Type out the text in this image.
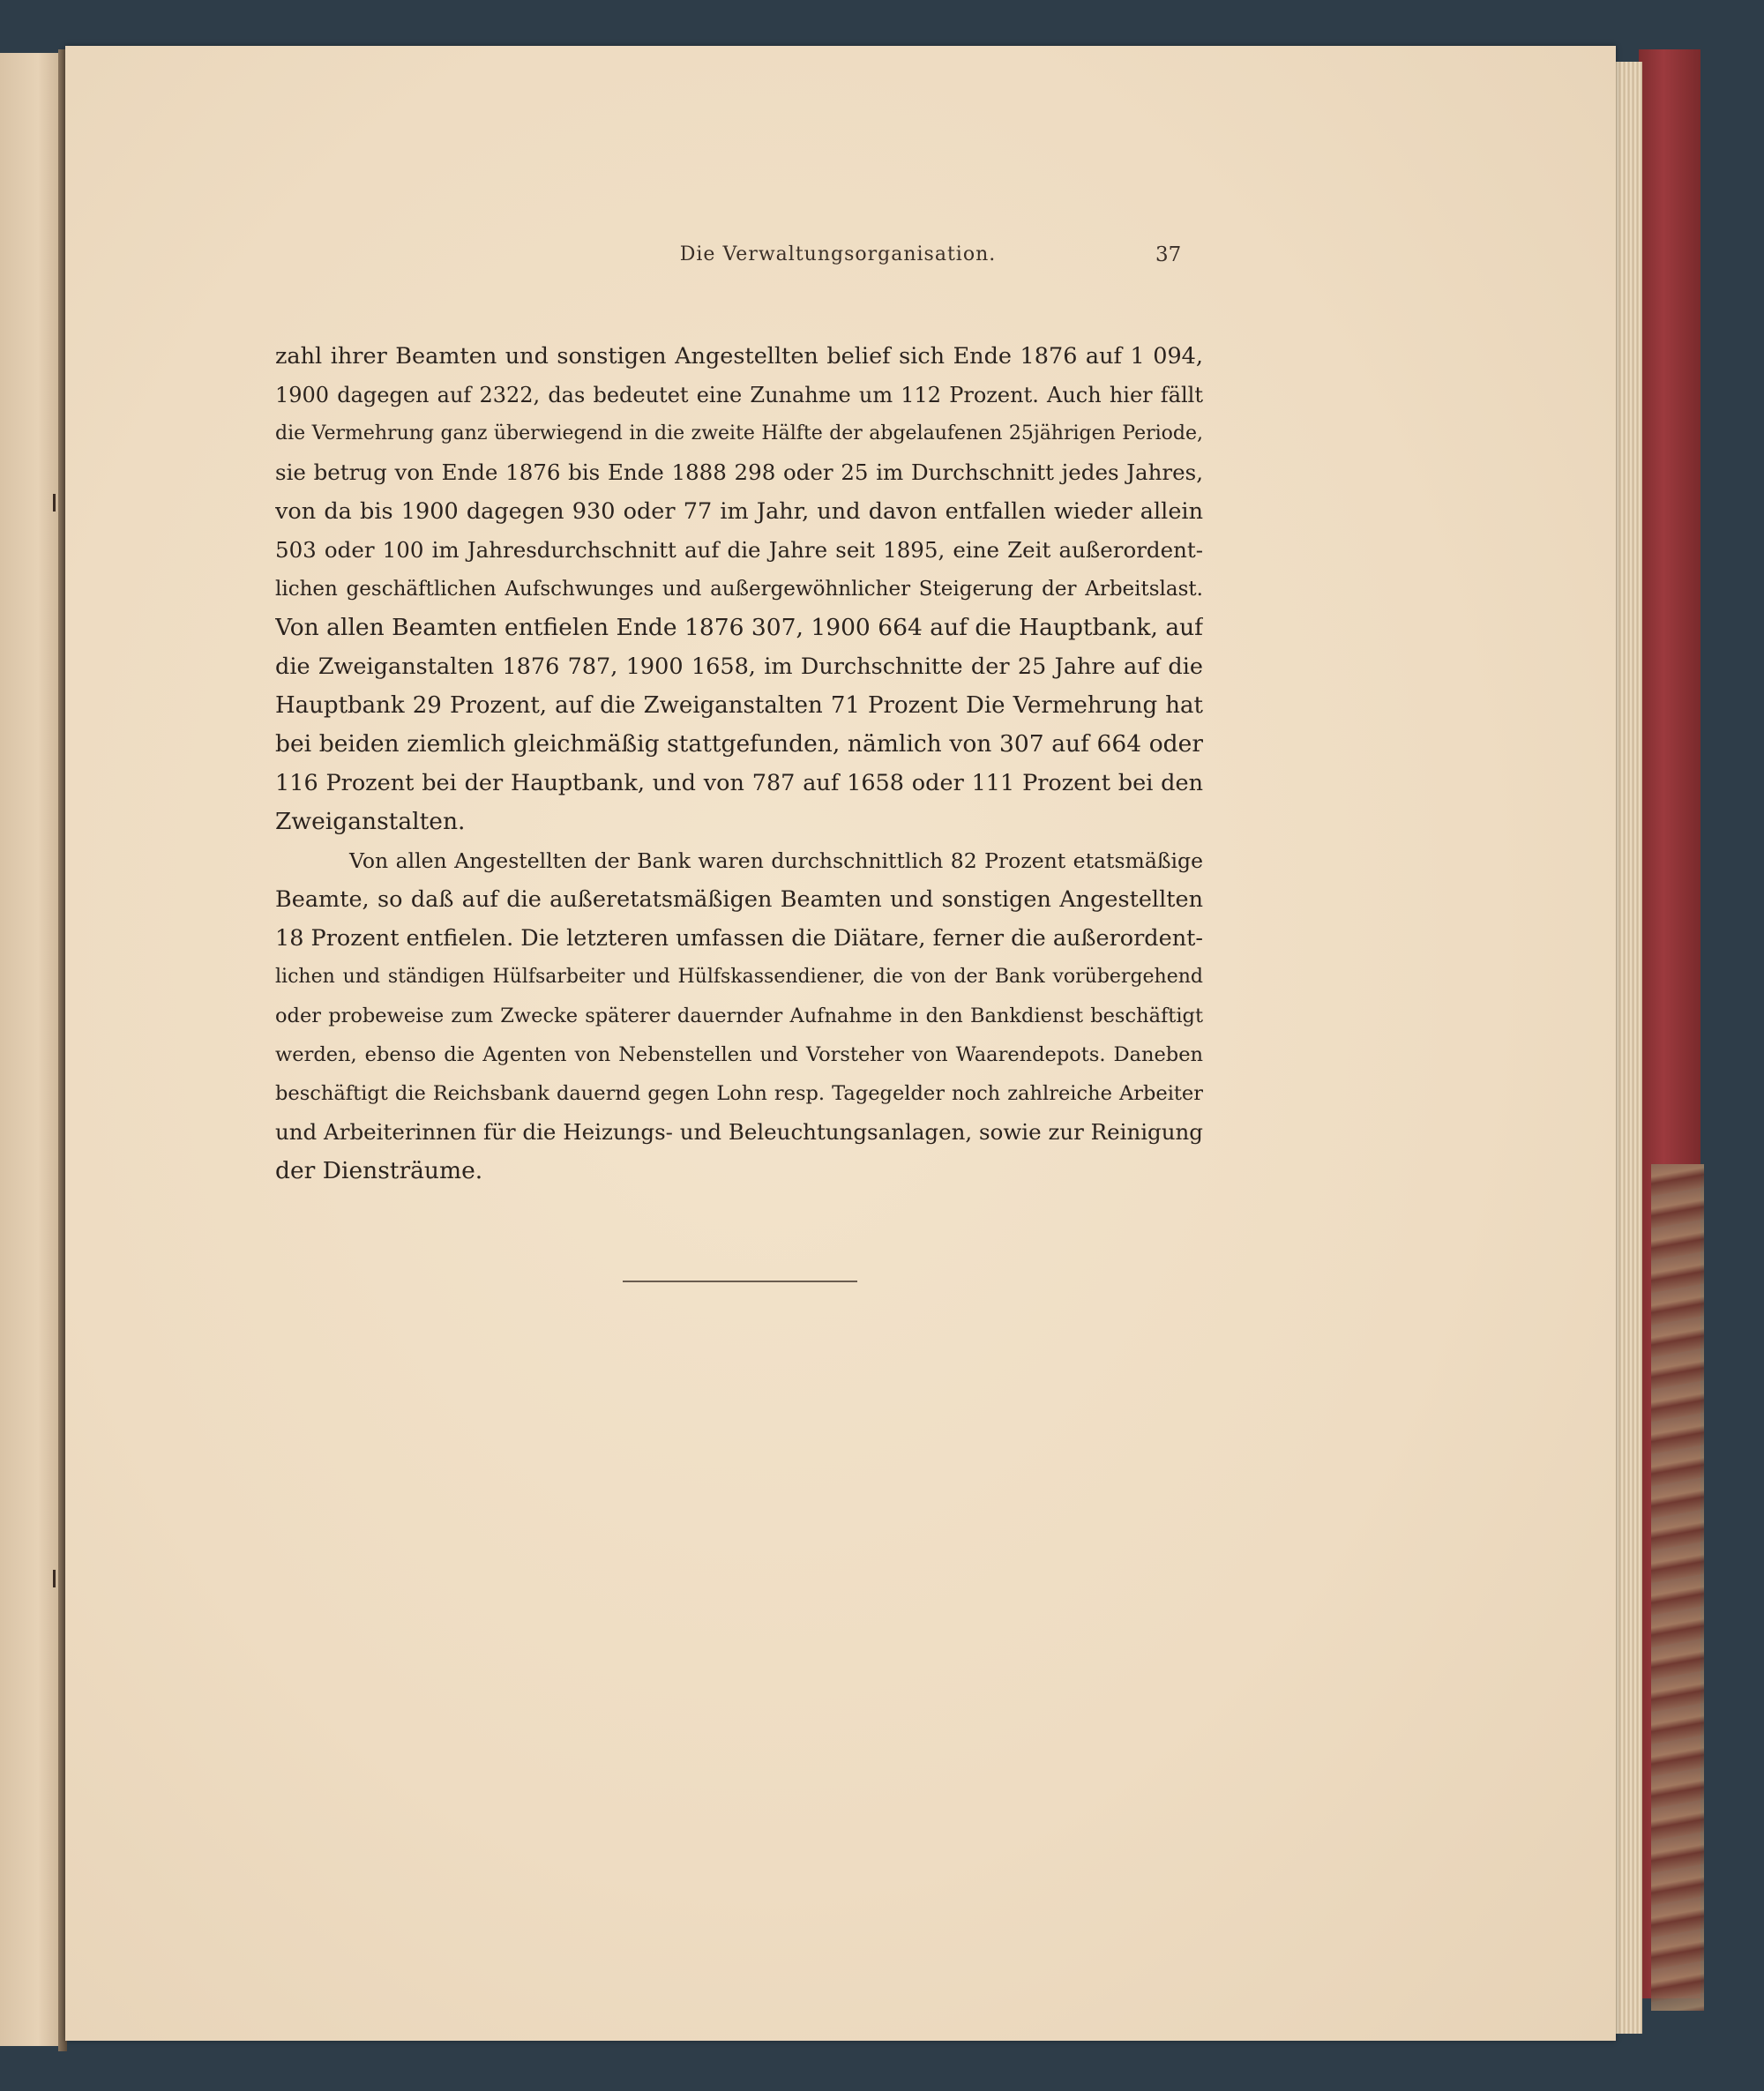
Die Verwaltungsorganisation.	37
zahl ihrer Beamten und sonstigen Angestellten belief sich Ende 1876 auf 1 094,
1900 dagegen auf 2322, das bedeutet eine Zunahme um 112 Prozent. Auch hier fällt
die Vermehrung ganz überwiegend in die zweite Hälfte der abgelaufenen 25jährigen Periode,
sie betrug von Ende 1876 bis Ende 1888 298 oder 25 im Durchschnitt jedes Jahres,
von da bis 1900 dagegen 930 oder 77 im Jahr, und davon entfallen wieder allein
503 oder 100 im Jahresdurchschnitt auf die Jahre seit 1895, eine Zeit außerordent-
lichen geschäftlichen Aufschwunges und außergewöhnlicher Steigerung der Arbeitslast.
Von allen Beamten entfielen Ende 1876 307, 1900 664 auf die Hauptbank, auf
die Zweiganstalten 1876 787, 1900 1658, im Durchschnitte der 25 Jahre auf die
Hauptbank 29 Prozent, auf die Zweiganstalten 71 Prozent Die Vermehrung hat
bei beiden ziemlich gleichmäßig stattgefunden, nämlich von 307 auf 664 oder
116 Prozent bei der Hauptbank, und von 787 auf 1658 oder 111 Prozent bei den
Zweiganstalten.
Von allen Angestellten der Bank waren durchschnittlich 82 Prozent etatsmäßige
Beamte, so daß auf die außeretatsmäßigen Beamten und sonstigen Angestellten
18 Prozent entfielen. Die letzteren umfassen die Diätare, ferner die außerordent-
lichen und ständigen Hülfsarbeiter und Hülfskassendiener, die von der Bank vorübergehend
oder probeweise zum Zwecke späterer dauernder Aufnahme in den Bankdienst beschäftigt
werden, ebenso die Agenten von Nebenstellen und Vorsteher von Waarendepots. Daneben
beschäftigt die Reichsbank dauernd gegen Lohn resp. Tagegelder noch zahlreiche Arbeiter
und Arbeiterinnen für die Heizungs- und Beleuchtungsanlagen, sowie zur Reinigung
der Diensträume.
